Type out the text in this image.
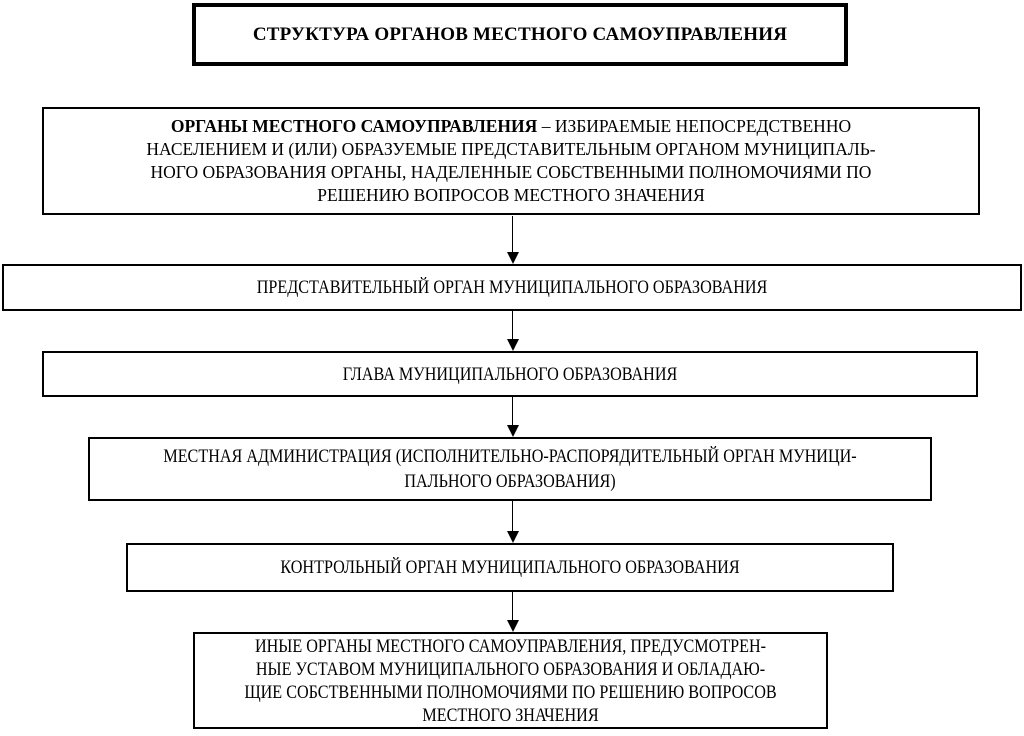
СТРУКТУРА ОРГАНОВ МЕСТНОГО САМОУПРАВЛЕНИЯ
ОРГАНЫ МЕСТНОГО САМОУПРАВЛЕНИЯ – ИЗБИРАЕМЫЕ НЕПОСРЕДСТВЕННО
НАСЕЛЕНИЕМ И (ИЛИ) ОБРАЗУЕМЫЕ ПРЕДСТАВИТЕЛЬНЫМ ОРГАНОМ МУНИЦИПАЛЬ-
НОГО ОБРАЗОВАНИЯ ОРГАНЫ, НАДЕЛЕННЫЕ СОБСТВЕННЫМИ ПОЛНОМОЧИЯМИ ПО
РЕШЕНИЮ ВОПРОСОВ МЕСТНОГО ЗНАЧЕНИЯ
ПРЕДСТАВИТЕЛЬНЫЙ ОРГАН МУНИЦИПАЛЬНОГО ОБРАЗОВАНИЯ
ГЛАВА МУНИЦИПАЛЬНОГО ОБРАЗОВАНИЯ
МЕСТНАЯ АДМИНИСТРАЦИЯ (ИСПОЛНИТЕЛЬНО-РАСПОРЯДИТЕЛЬНЫЙ ОРГАН МУНИЦИ-
ПАЛЬНОГО ОБРАЗОВАНИЯ)
КОНТРОЛЬНЫЙ ОРГАН МУНИЦИПАЛЬНОГО ОБРАЗОВАНИЯ
ИНЫЕ ОРГАНЫ МЕСТНОГО САМОУПРАВЛЕНИЯ, ПРЕДУСМОТРЕН-
НЫЕ УСТАВОМ МУНИЦИПАЛЬНОГО ОБРАЗОВАНИЯ И ОБЛАДАЮ-
ЩИЕ СОБСТВЕННЫМИ ПОЛНОМОЧИЯМИ ПО РЕШЕНИЮ ВОПРОСОВ
МЕСТНОГО ЗНАЧЕНИЯ
